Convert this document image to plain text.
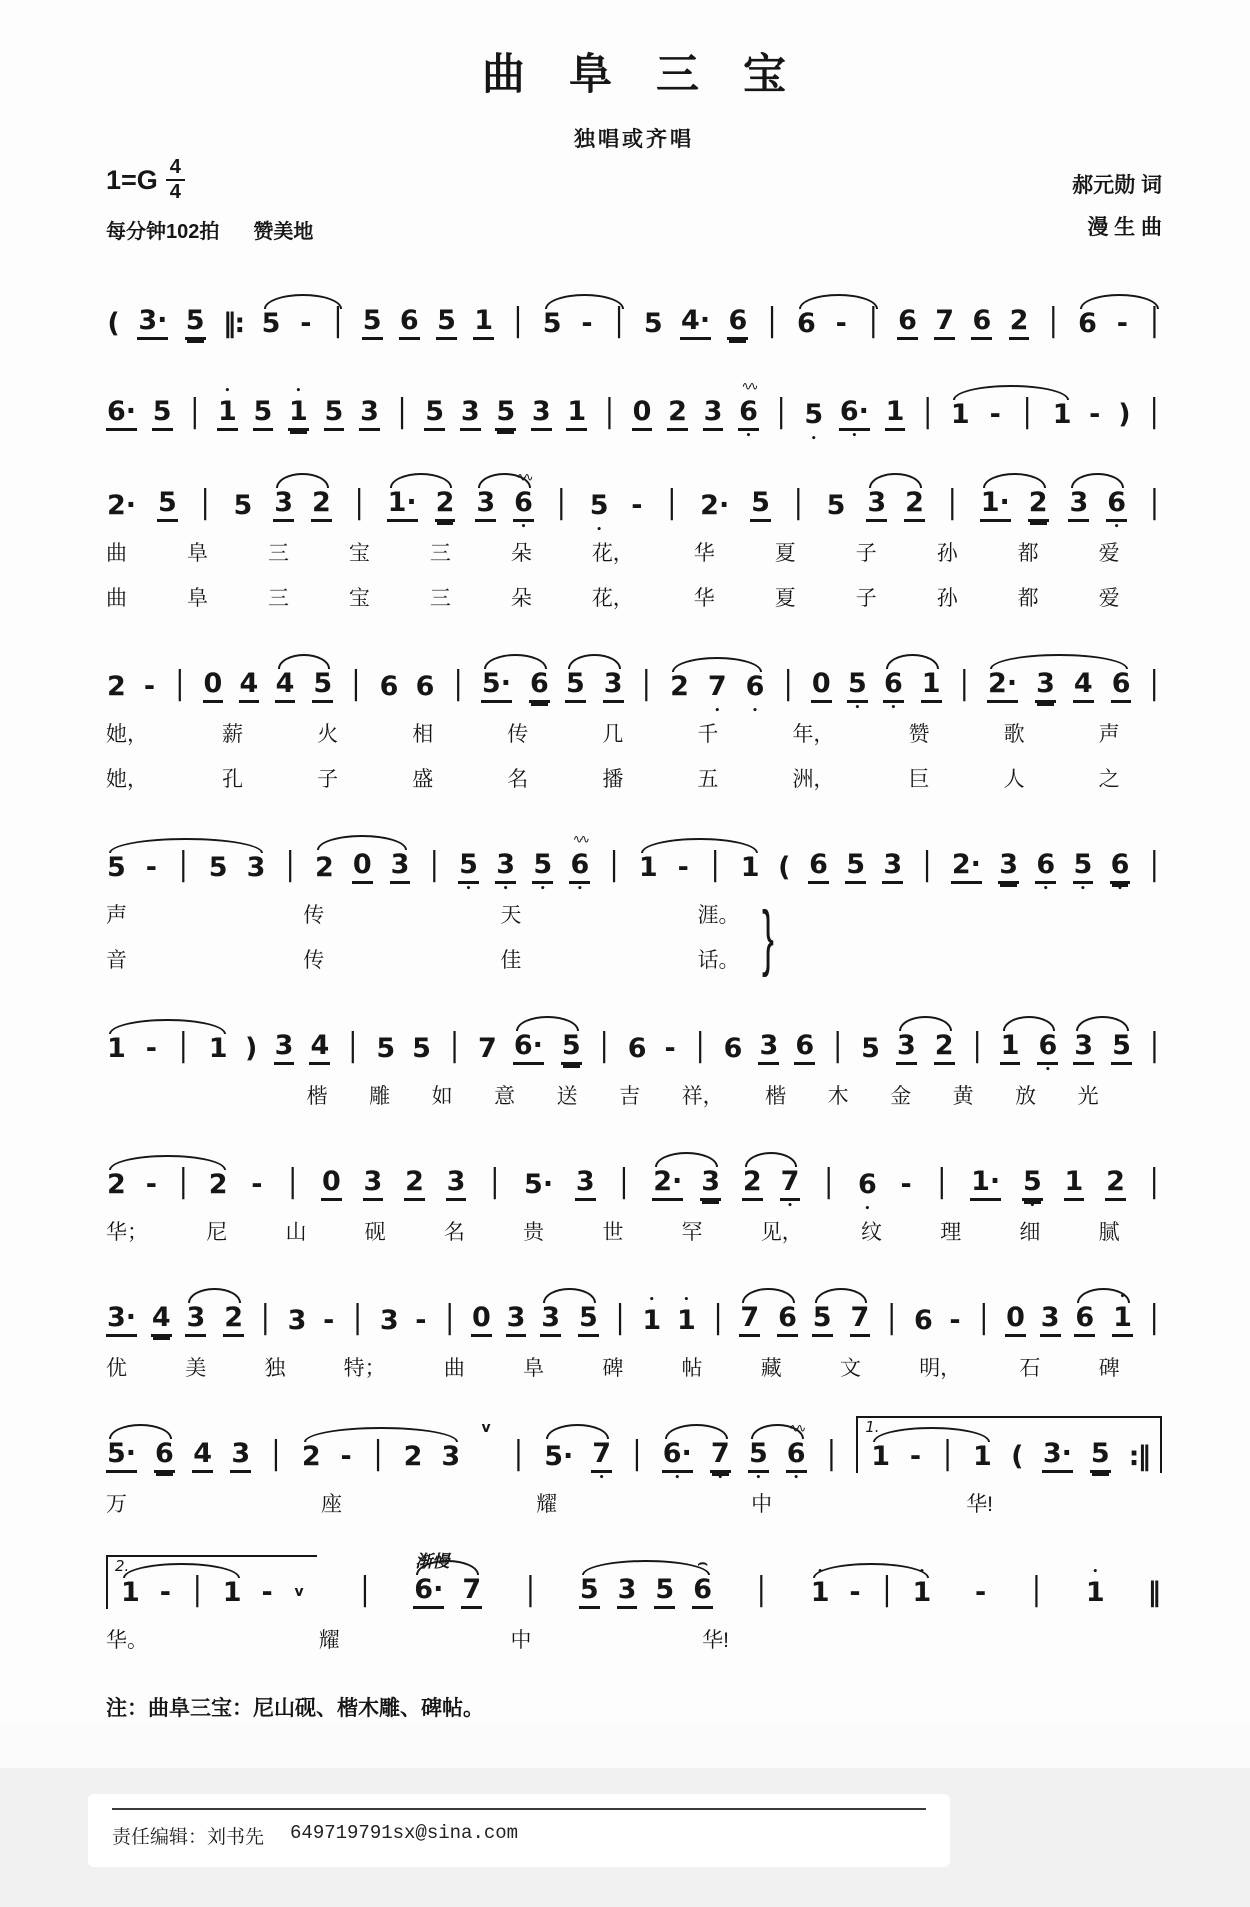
曲阜三宝
独唱或齐唱
$1=G \frac{4}{4}$
每分钟102拍 赞美地
郝元勋 词
漫 生 曲
( 3· 5 ‖: 5 - | 5 6 5 1 | 5 - | 5 4· 6 | 6 - | 6 7 6 2 | 6 - |
6· 5 | • 1 5 • 1 5 3 | 5 3 5 3 1 | 0 2 3 ∿∿ 6 • | 5 • 6· • 1 | 1 - | 1 - ) |
2· 5 | 5 3 2 | 1· 2 3 ∿∿ 6 • | 5 • - | 2· 5 | 5 3 2 | 1· 2 3 6 • |
曲	阜	三	宝	三	朵	花，	华	夏	子	孙	都	爱
曲	阜	三	宝	三	朵	花，	华	夏	子	孙	都	爱
2 - | 0 4 4 5 | 6 6 | 5· 6 5 3 | 2 7 • 6 • | 0 5 • 6 • 1 | 2· 3 4 6 |
她，	薪	火	相	传	几	千	年，	赞	歌	声
她，	孔	子	盛	名	播	五	洲，	巨	人	之
5 - | 5 3 | 2 0 3 | 5 • 3 • 5 • ∿∿ 6 • | 1 - | 1 ( 6 5 3 | 2· 3 6 • 5 • 6 • |
声	传	天	涯。
音	传	佳	话。 }
1 - | 1 ) 3 4 | 5 5 | 7 6· 5 | 6 - | 6 3 6 | 5 3 2 | 1 6 • 3 5 |
楷 雕 如 意 送 吉 祥， 楷 木 金 黄 放 光
2 - | 2 - | 0 3 2 3 | 5· 3 | 2· 3 2 7 • | 6 • - | 1· 5 • 1 2 |
华；	尼	山	砚	名	贵	世	罕	见，	纹	理	细	腻
3· 4 3 2 | 3 - | 3 - | 0 3 3 5 | • 1 • 1 | 7 6 5 7 | 6 - | 0 3 6 • 1 |
优	美	独	特；	曲	阜	碑	帖	藏	文	明，	石	碑
5· 6 4 3 | 2 - | 2 3
v
| 5· 7 • | 6· • 7 • 5 • ∿∿ 6 • |
1.
1 - | 1 ( 3· 5 :‖
万	座	耀	中	华!
2.
1 - | 1 - v |
渐慢
6· 7 | 5 3 5 ⌢ 6 | • 1 - | • 1 - | • 1 ‖
华。	耀	中	华!
注：曲阜三宝：尼山砚、楷木雕、碑帖。
责任编辑：刘书先 649719791sx@sina.com
